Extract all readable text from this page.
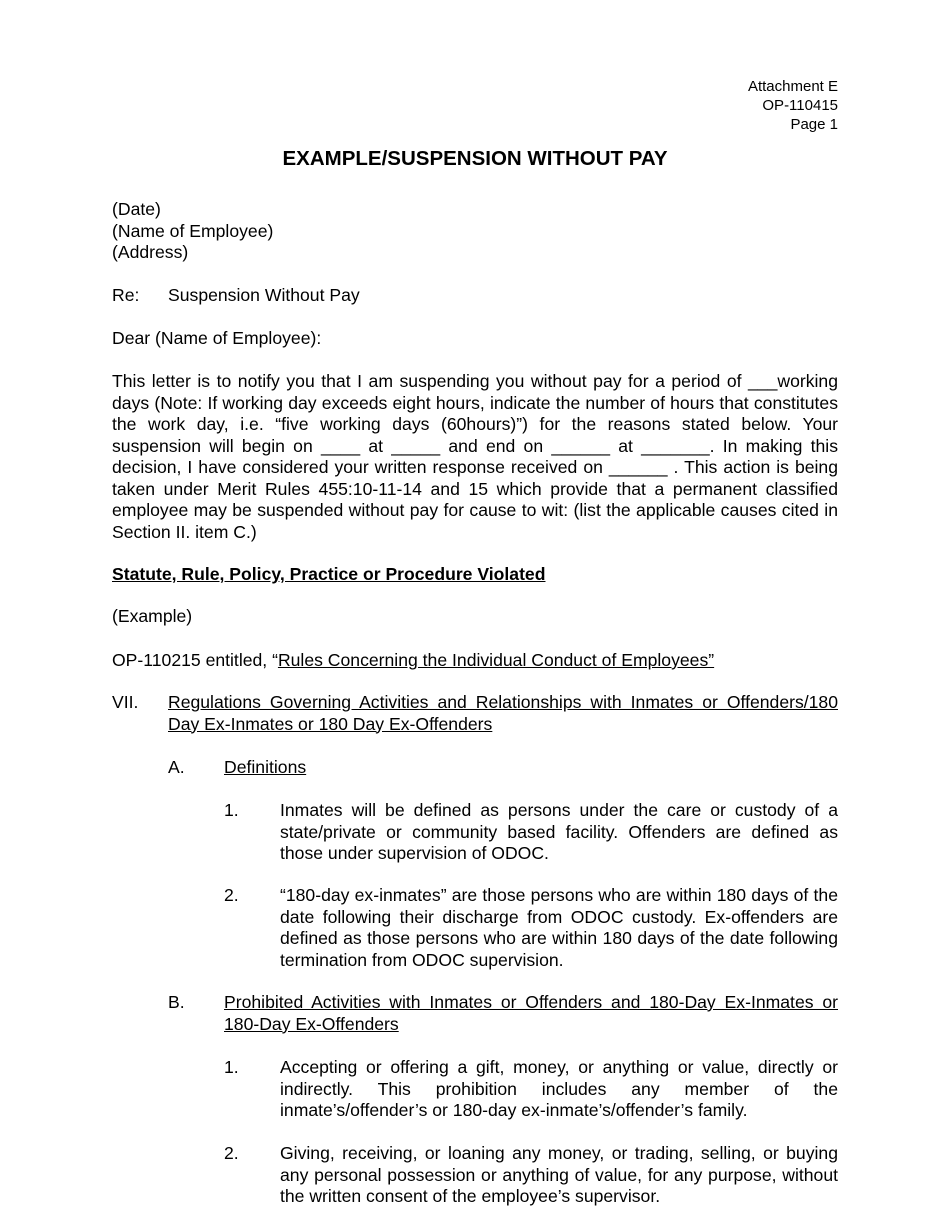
Attachment E
OP-110415
Page 1
EXAMPLE/SUSPENSION WITHOUT PAY
(Date)
(Name of Employee)
(Address)
Re: Suspension Without Pay
Dear (Name of Employee):
This letter is to notify you that I am suspending you without pay for a period of ___working days (Note: If working day exceeds eight hours, indicate the number of hours that constitutes the work day, i.e. “five working days (60hours)”) for the reasons stated below. Your suspension will begin on ____ at _____ and end on ______ at _______. In making this decision, I have considered your written response received on ______ . This action is being taken under Merit Rules 455:10-11-14 and 15 which provide that a permanent classified employee may be suspended without pay for cause to wit: (list the applicable causes cited in Section II. item C.)
Statute, Rule, Policy, Practice or Procedure Violated
(Example)
OP-110215 entitled, “Rules Concerning the Individual Conduct of Employees”
VII. Regulations Governing Activities and Relationships with Inmates or Offenders/180 Day Ex-Inmates or 180 Day Ex-Offenders
A. Definitions
1. Inmates will be defined as persons under the care or custody of a state/private or community based facility. Offenders are defined as those under supervision of ODOC.
2. “180-day ex-inmates” are those persons who are within 180 days of the date following their discharge from ODOC custody. Ex-offenders are defined as those persons who are within 180 days of the date following termination from ODOC supervision.
B. Prohibited Activities with Inmates or Offenders and 180-Day Ex-Inmates or 180-Day Ex-Offenders
1. Accepting or offering a gift, money, or anything or value, directly or indirectly. This prohibition includes any member of the inmate’s/offender’s or 180-day ex-inmate’s/offender’s family.
2. Giving, receiving, or loaning any money, or trading, selling, or buying any personal possession or anything of value, for any purpose, without the written consent of the employee’s supervisor.
